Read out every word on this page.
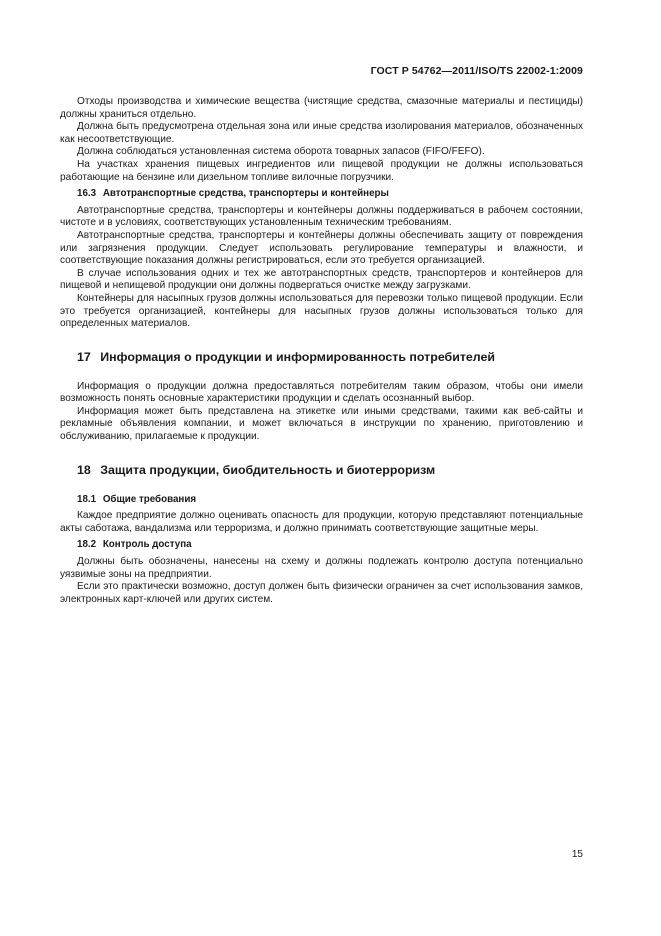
ГОСТ Р 54762—2011/ISO/TS 22002-1:2009

Отходы производства и химические вещества (чистящие средства, смазочные материалы и пестициды) должны храниться отдельно.

Должна быть предусмотрена отдельная зона или иные средства изолирования материалов, обозначенных как несоответствующие.

Должна соблюдаться установленная система оборота товарных запасов (FIFO/FEFO).

На участках хранения пищевых ингредиентов или пищевой продукции не должны использоваться работающие на бензине или дизельном топливе вилочные погрузчики.

16.3 Автотранспортные средства, транспортеры и контейнеры

Автотранспортные средства, транспортеры и контейнеры должны поддерживаться в рабочем состоянии, чистоте и в условиях, соответствующих установленным техническим требованиям.

Автотранспортные средства, транспортеры и контейнеры должны обеспечивать защиту от повреждения или загрязнения продукции. Следует использовать регулирование температуры и влажности, и соответствующие показания должны регистрироваться, если это требуется организацией.

В случае использования одних и тех же автотранспортных средств, транспортеров и контейнеров для пищевой и непищевой продукции они должны подвергаться очистке между загрузками.

Контейнеры для насыпных грузов должны использоваться для перевозки только пищевой продукции. Если это требуется организацией, контейнеры для насыпных грузов должны использоваться только для определенных материалов.

17 Информация о продукции и информированность потребителей

Информация о продукции должна предоставляться потребителям таким образом, чтобы они имели возможность понять основные характеристики продукции и сделать осознанный выбор.

Информация может быть представлена на этикетке или иными средствами, такими как веб-сайты и рекламные объявления компании, и может включаться в инструкции по хранению, приготовлению и обслуживанию, прилагаемые к продукции.

18 Защита продукции, биобдительность и биотерроризм
18.1 Общие требования

Каждое предприятие должно оценивать опасность для продукции, которую представляют потенциальные акты саботажа, вандализма или терроризма, и должно принимать соответствующие защитные меры.

18.2 Контроль доступа

Должны быть обозначены, нанесены на схему и должны подлежать контролю доступа потенциально уязвимые зоны на предприятии.

Если это практически возможно, доступ должен быть физически ограничен за счет использования замков, электронных карт-ключей или других систем.

15
